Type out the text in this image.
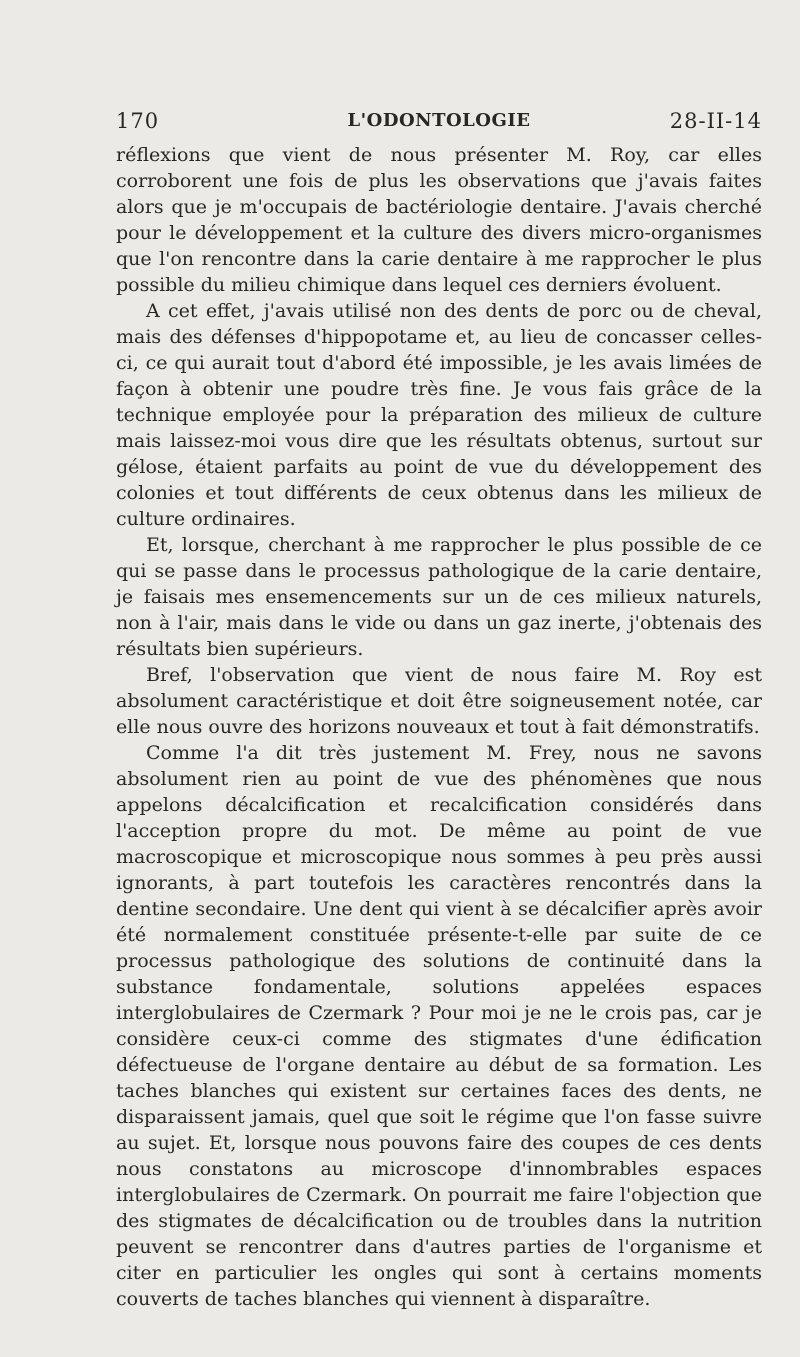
170	L'ODONTOLOGIE	28-II-14

réflexions que vient de nous présenter M. Roy, car elles corroborent une fois de plus les observations que j'avais faites alors que je m'occupais de bactériologie dentaire. J'avais cherché pour le développement et la culture des divers micro-organismes que l'on rencontre dans la carie dentaire à me rapprocher le plus possible du milieu chimique dans lequel ces derniers évoluent.

A cet effet, j'avais utilisé non des dents de porc ou de cheval, mais des défenses d'hippopotame et, au lieu de concasser celles-ci, ce qui aurait tout d'abord été impossible, je les avais limées de façon à obtenir une poudre très fine. Je vous fais grâce de la technique employée pour la préparation des milieux de culture mais laissez-moi vous dire que les résultats obtenus, surtout sur gélose, étaient parfaits au point de vue du développement des colonies et tout différents de ceux obtenus dans les milieux de culture ordinaires.

Et, lorsque, cherchant à me rapprocher le plus possible de ce qui se passe dans le processus pathologique de la carie dentaire, je faisais mes ensemencements sur un de ces milieux naturels, non à l'air, mais dans le vide ou dans un gaz inerte, j'obtenais des résultats bien supérieurs.

Bref, l'observation que vient de nous faire M. Roy est absolument caractéristique et doit être soigneusement notée, car elle nous ouvre des horizons nouveaux et tout à fait démonstratifs.

Comme l'a dit très justement M. Frey, nous ne savons absolument rien au point de vue des phénomènes que nous appelons décalcification et recalcification considérés dans l'acception propre du mot. De même au point de vue macroscopique et microscopique nous sommes à peu près aussi ignorants, à part toutefois les caractères rencontrés dans la dentine secondaire. Une dent qui vient à se décalcifier après avoir été normalement constituée présente-t-elle par suite de ce processus pathologique des solutions de continuité dans la substance fondamentale, solutions appelées espaces interglobulaires de Czermark ? Pour moi je ne le crois pas, car je considère ceux-ci comme des stigmates d'une édification défectueuse de l'organe dentaire au début de sa formation. Les taches blanches qui existent sur certaines faces des dents, ne disparaissent jamais, quel que soit le régime que l'on fasse suivre au sujet. Et, lorsque nous pouvons faire des coupes de ces dents nous constatons au microscope d'innombrables espaces interglobulaires de Czermark. On pourrait me faire l'objection que des stigmates de décalcification ou de troubles dans la nutrition peuvent se rencontrer dans d'autres parties de l'organisme et citer en particulier les ongles qui sont à certains moments couverts de taches blanches qui viennent à disparaître.
